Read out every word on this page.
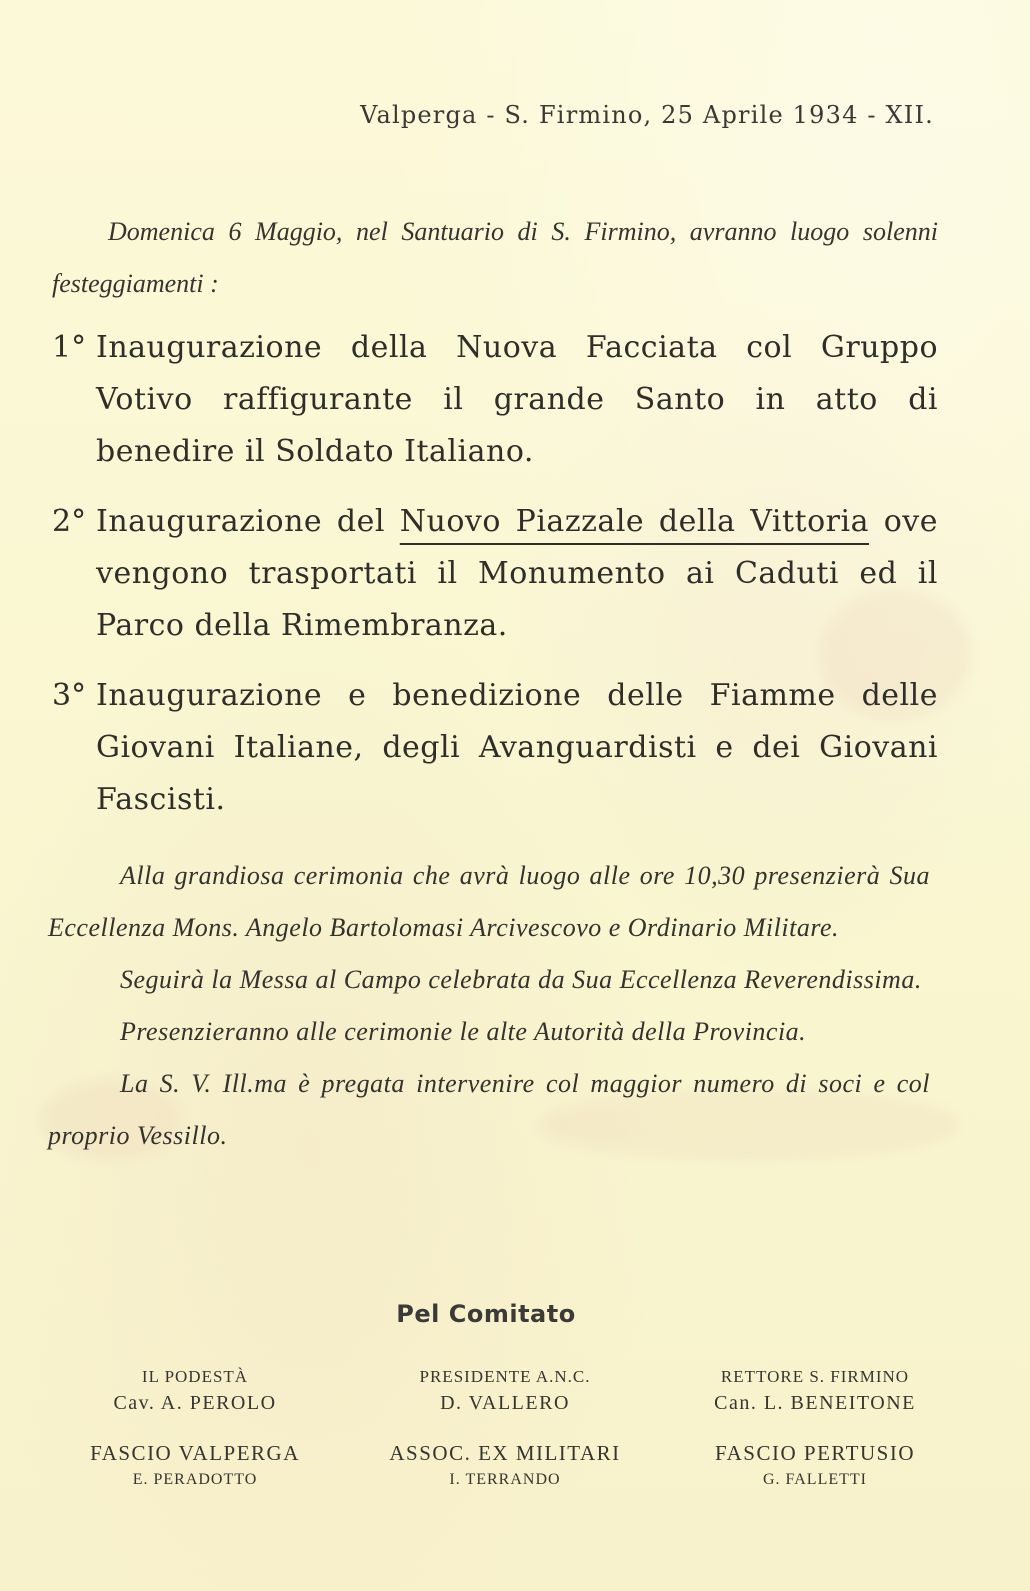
Valperga - S. Firmino, 25 Aprile 1934 - XII.

Domenica 6 Maggio, nel Santuario di S. Firmino, avranno luogo solenni festeggiamenti :

1° Inaugurazione della Nuova Facciata col Gruppo Votivo raffigurante il grande Santo in atto di benedire il Soldato Italiano.
2° Inaugurazione del Nuovo Piazzale della Vittoria ove vengono trasportati il Monumento ai Caduti ed il Parco della Rimembranza.
3° Inaugurazione e benedizione delle Fiamme delle Giovani Italiane, degli Avanguardisti e dei Giovani Fascisti.

Alla grandiosa cerimonia che avrà luogo alle ore 10,30 presenzierà Sua Eccellenza Mons. Angelo Bartolomasi Arcivescovo e Ordinario Militare.

Seguirà la Messa al Campo celebrata da Sua Eccellenza Reverendissima.

Presenzieranno alle cerimonie le alte Autorità della Provincia.

La S. V. Ill.ma è pregata intervenire col maggior numero di soci e col proprio Vessillo.

Pel Comitato
IL PODESTÀ
Cav. A. PEROLO
PRESIDENTE A.N.C.
D. VALLERO
RETTORE S. FIRMINO
Can. L. BENEITONE
FASCIO VALPERGA
E. PERADOTTO
ASSOC. EX MILITARI
I. TERRANDO
FASCIO PERTUSIO
G. FALLETTI
